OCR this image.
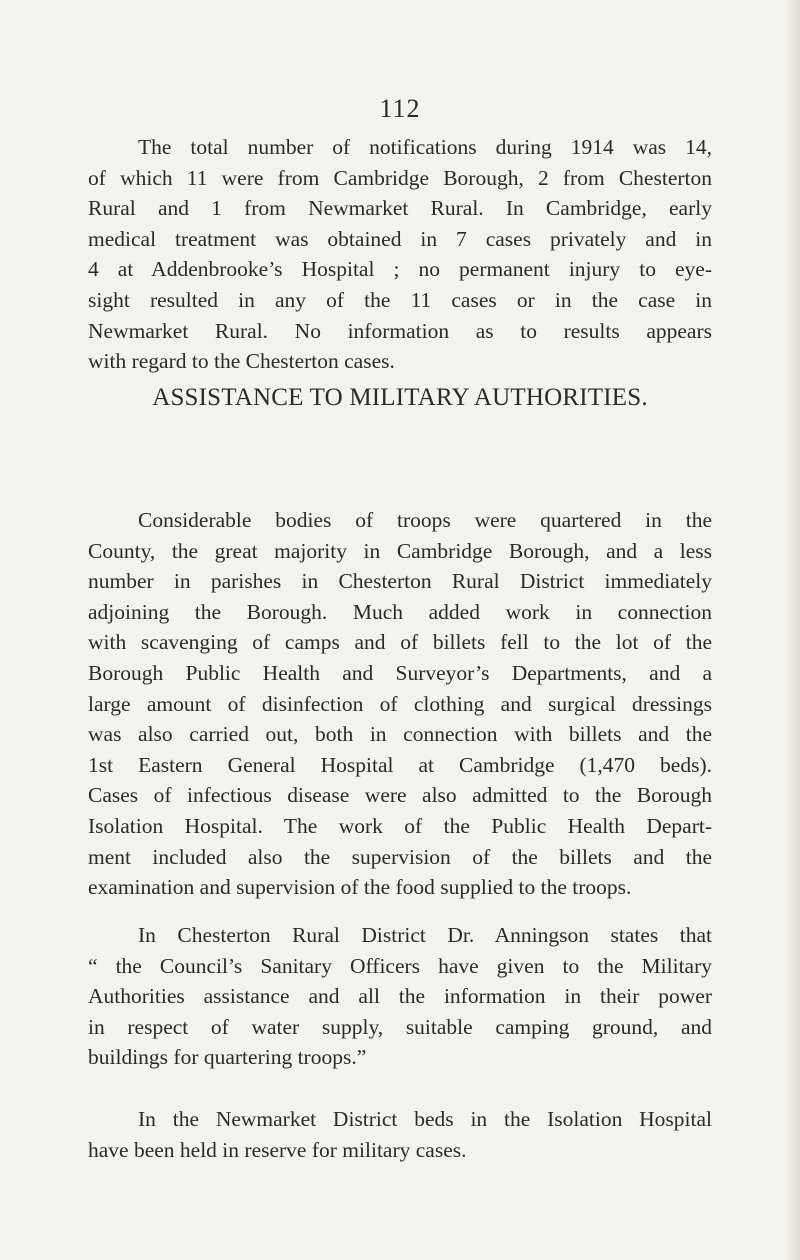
112
The total number of notifications during 1914 was 14,
of which 11 were from Cambridge Borough, 2 from Chesterton
Rural and 1 from Newmarket Rural. In Cambridge, early
medical treatment was obtained in 7 cases privately and in
4 at Addenbrooke’s Hospital ; no permanent injury to eye-
sight resulted in any of the 11 cases or in the case in
Newmarket Rural. No information as to results appears
with regard to the Chesterton cases.
ASSISTANCE TO MILITARY AUTHORITIES.
Considerable bodies of troops were quartered in the
County, the great majority in Cambridge Borough, and a less
number in parishes in Chesterton Rural District immediately
adjoining the Borough. Much added work in connection
with scavenging of camps and of billets fell to the lot of the
Borough Public Health and Surveyor’s Departments, and a
large amount of disinfection of clothing and surgical dressings
was also carried out, both in connection with billets and the
1st Eastern General Hospital at Cambridge (1,470 beds).
Cases of infectious disease were also admitted to the Borough
Isolation Hospital. The work of the Public Health Depart-
ment included also the supervision of the billets and the
examination and supervision of the food supplied to the troops.
In Chesterton Rural District Dr. Anningson states that
“ the Council’s Sanitary Officers have given to the Military
Authorities assistance and all the information in their power
in respect of water supply, suitable camping ground, and
buildings for quartering troops.”
In the Newmarket District beds in the Isolation Hospital
have been held in reserve for military cases.
